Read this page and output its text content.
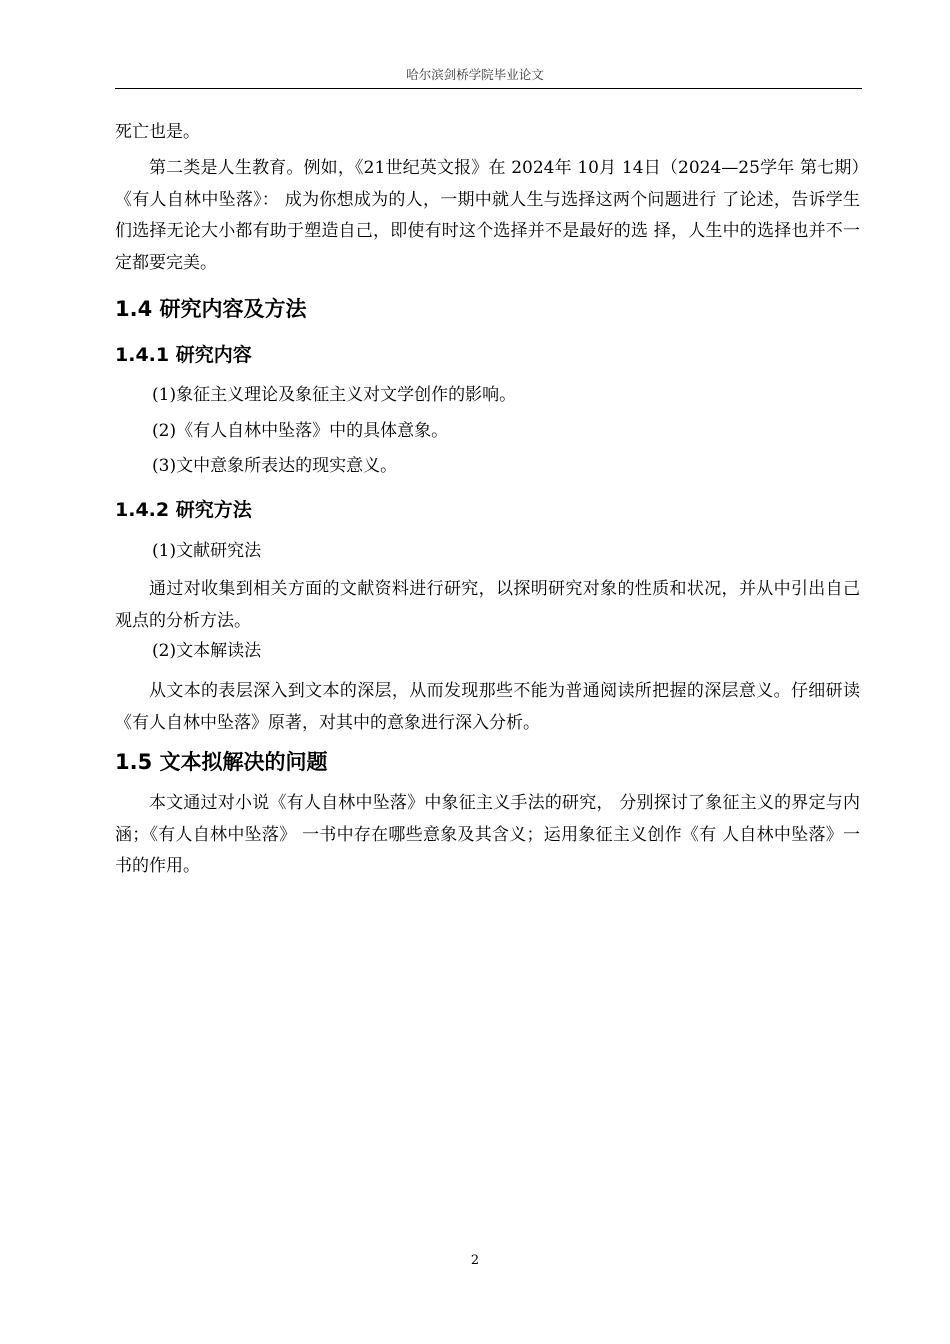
哈尔滨剑桥学院毕业论文

死亡也是。

第二类是人生教育。例如，《21世纪英文报》在 2024年 10月 14日（2024—25学年 第七期）《有人自林中坠落》： 成为你想成为的人，一期中就人生与选择这两个问题进行 了论述，告诉学生们选择无论大小都有助于塑造自己，即使有时这个选择并不是最好的选 择，人生中的选择也并不一定都要完美。

1.4 研究内容及方法
1.4.1 研究内容

(1)象征主义理论及象征主义对文学创作的影响。

(2)《有人自林中坠落》中的具体意象。

(3)文中意象所表达的现实意义。

1.4.2 研究方法

(1)文献研究法

通过对收集到相关方面的文献资料进行研究，以探明研究对象的性质和状况，并从中引出自己观点的分析方法。

(2)文本解读法

从文本的表层深入到文本的深层，从而发现那些不能为普通阅读所把握的深层意义。仔细研读《有人自林中坠落》原著，对其中的意象进行深入分析。

1.5 文本拟解决的问题

本文通过对小说《有人自林中坠落》中象征主义手法的研究， 分别探讨了象征主义的界定与内涵；《有人自林中坠落》 一书中存在哪些意象及其含义；运用象征主义创作《有 人自林中坠落》一书的作用。

2
